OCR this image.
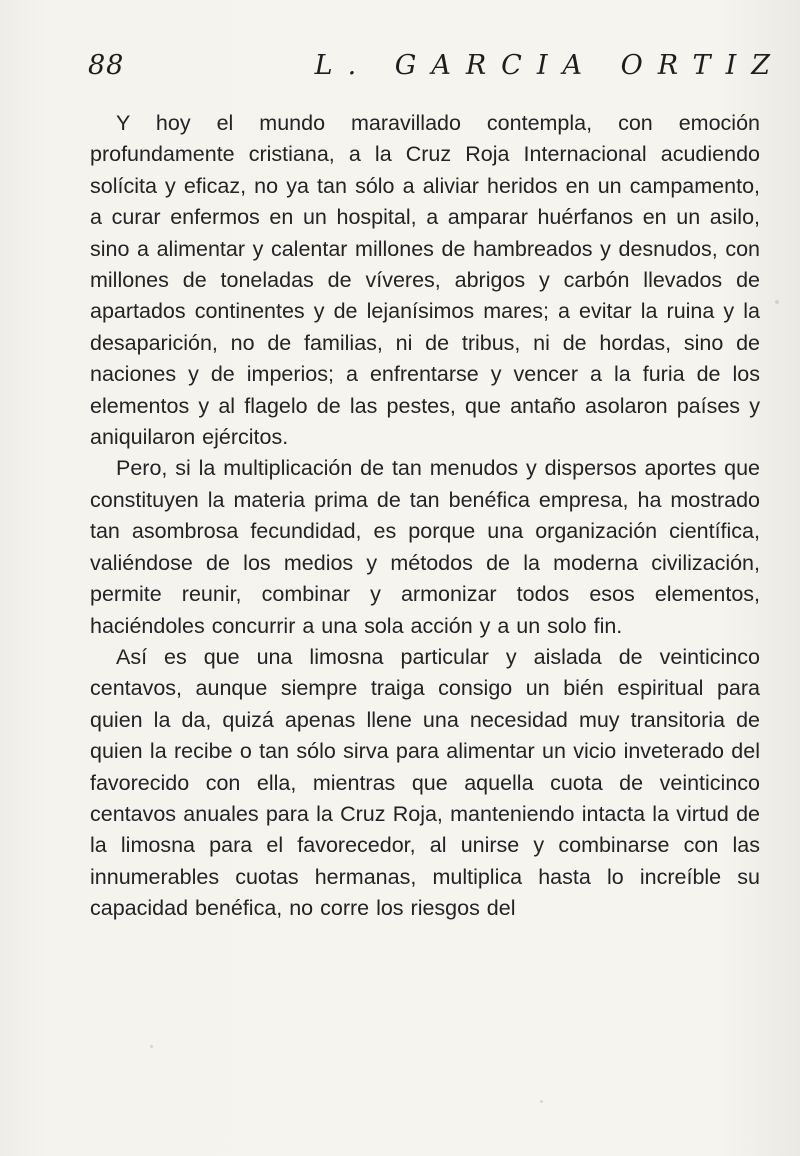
88	L. GARCIA ORTIZ

Y hoy el mundo maravillado contempla, con emoción profundamente cristiana, a la Cruz Roja Internacional acudiendo solícita y eficaz, no ya tan sólo a aliviar heridos en un campamento, a curar enfermos en un hospital, a amparar huérfanos en un asilo, sino a alimentar y calentar millones de hambreados y desnudos, con millones de toneladas de víveres, abrigos y carbón llevados de apartados continentes y de lejanísimos mares; a evitar la ruina y la desaparición, no de familias, ni de tribus, ni de hordas, sino de naciones y de imperios; a enfrentarse y vencer a la furia de los elementos y al flagelo de las pestes, que antaño asolaron países y aniquilaron ejércitos.

Pero, si la multiplicación de tan menudos y dispersos aportes que constituyen la materia prima de tan benéfica empresa, ha mostrado tan asombrosa fecundidad, es porque una organización científica, valiéndose de los medios y métodos de la moderna civilización, permite reunir, combinar y armonizar todos esos elementos, haciéndoles concurrir a una sola acción y a un solo fin.

Así es que una limosna particular y aislada de veinticinco centavos, aunque siempre traiga consigo un bién espiritual para quien la da, quizá apenas llene una necesidad muy transitoria de quien la recibe o tan sólo sirva para alimentar un vicio inveterado del favorecido con ella, mientras que aquella cuota de veinticinco centavos anuales para la Cruz Roja, manteniendo intacta la virtud de la limosna para el favorecedor, al unirse y combinarse con las innumerables cuotas hermanas, multiplica hasta lo increíble su capacidad benéfica, no corre los riesgos del
